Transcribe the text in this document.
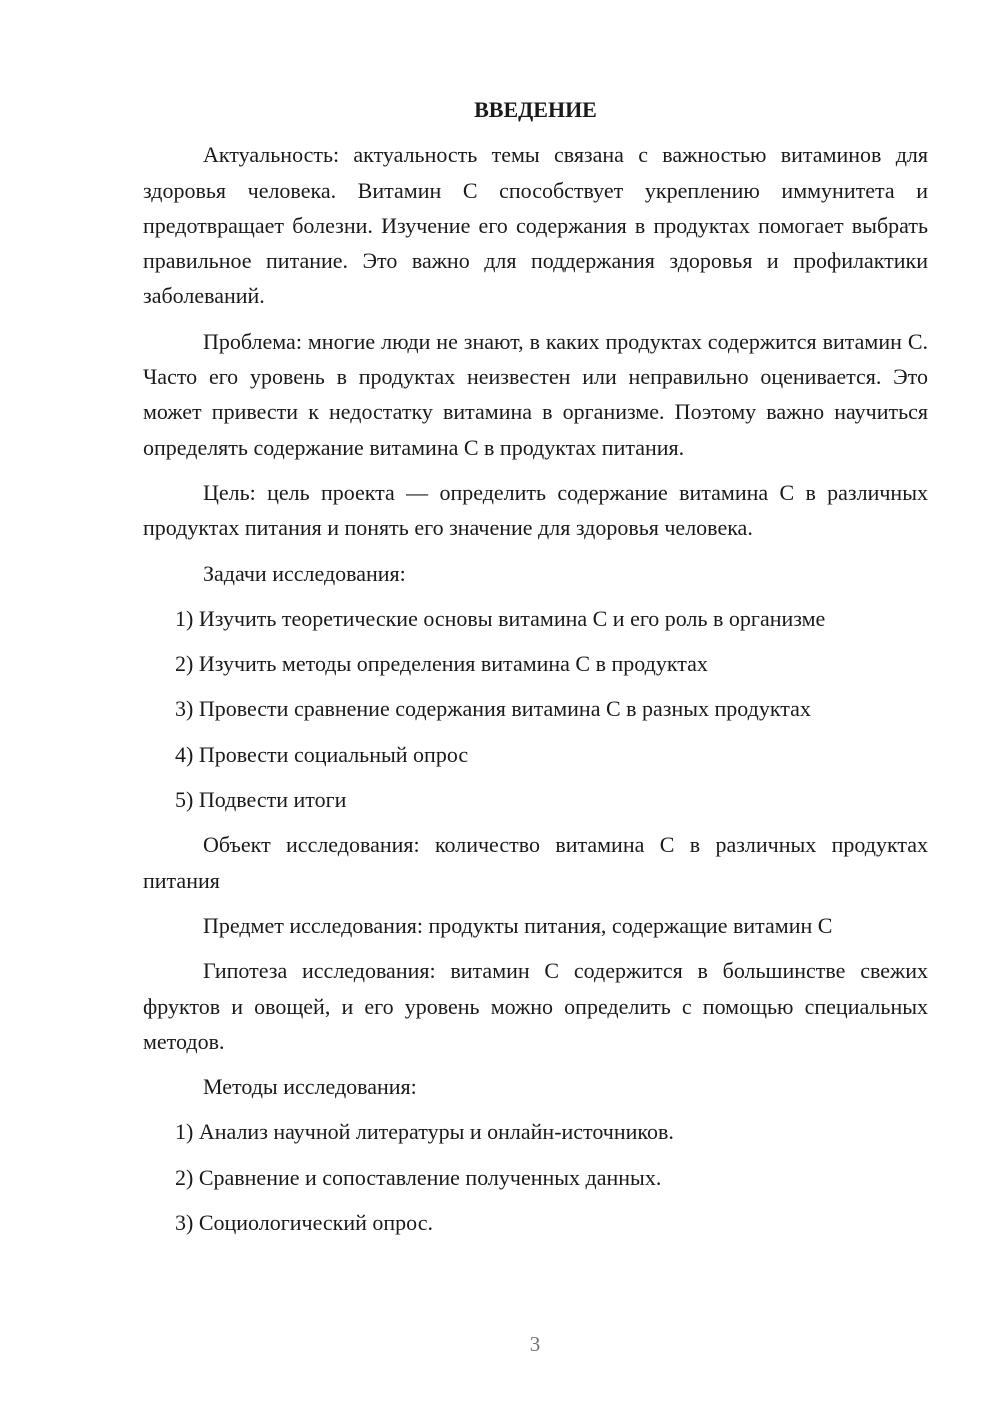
ВВЕДЕНИЕ

Актуальность: актуальность темы связана с важностью витаминов для здоровья человека. Витамин С способствует укреплению иммунитета и предотвращает болезни. Изучение его содержания в продуктах помогает выбрать правильное питание. Это важно для поддержания здоровья и профилактики заболеваний.

Проблема: многие люди не знают, в каких продуктах содержится витамин С. Часто его уровень в продуктах неизвестен или неправильно оценивается. Это может привести к недостатку витамина в организме. Поэтому важно научиться определять содержание витамина С в продуктах питания.

Цель: цель проекта — определить содержание витамина С в различных продуктах питания и понять его значение для здоровья человека.

Задачи исследования:

1) Изучить теоретические основы витамина С и его роль в организме
2) Изучить методы определения витамина С в продуктах
3) Провести сравнение содержания витамина С в разных продуктах
4) Провести социальный опрос
5) Подвести итоги

Объект исследования: количество витамина С в различных продуктах питания

Предмет исследования: продукты питания, содержащие витамин С

Гипотеза исследования: витамин С содержится в большинстве свежих фруктов и овощей, и его уровень можно определить с помощью специальных методов.

Методы исследования:

1) Анализ научной литературы и онлайн-источников.
2) Сравнение и сопоставление полученных данных.
3) Социологический опрос.
3
